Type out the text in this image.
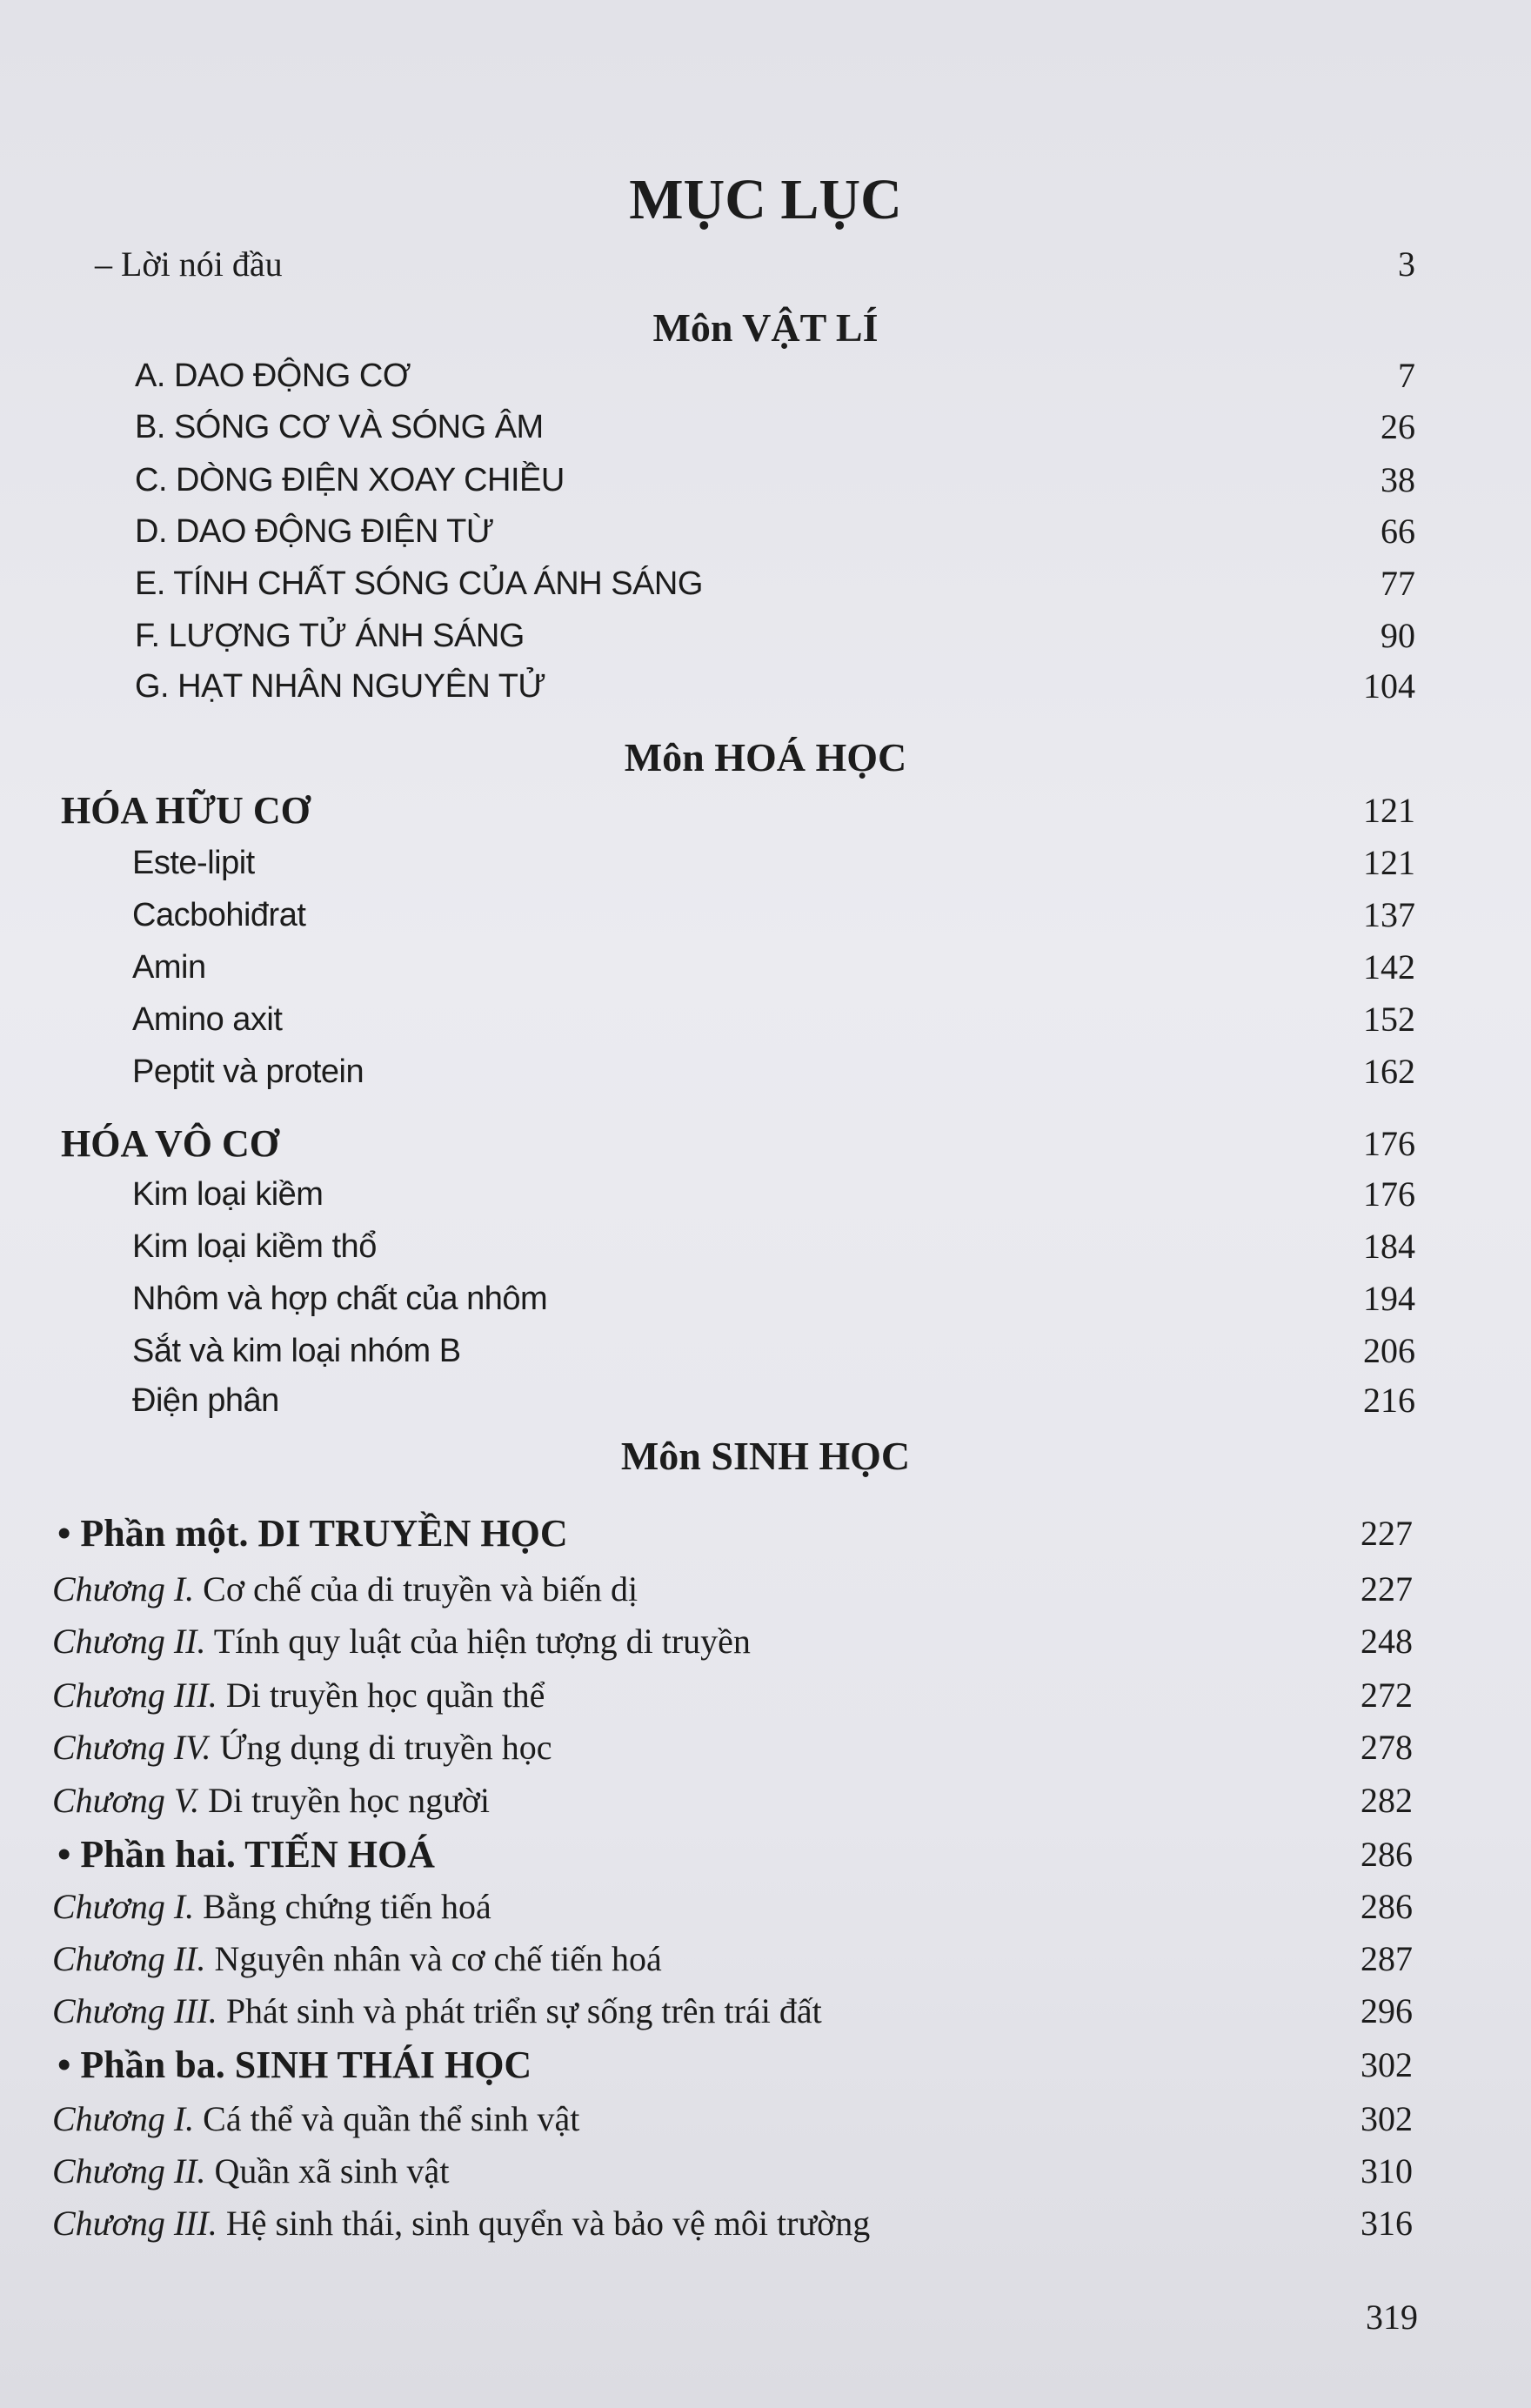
MỤC LỤC
– Lời nói đầu	3
Môn VẬT LÍ
Môn HOÁ HỌC
Môn SINH HỌC
A. DAO ĐỘNG CƠ	7
B. SÓNG CƠ VÀ SÓNG ÂM	26
C. DÒNG ĐIỆN XOAY CHIỀU	38
D. DAO ĐỘNG ĐIỆN TỪ	66
E. TÍNH CHẤT SÓNG CỦA ÁNH SÁNG	77
F. LƯỢNG TỬ ÁNH SÁNG	90
G. HẠT NHÂN NGUYÊN TỬ	104
HÓA HỮU CƠ	121
Este-lipit	121
Cacbohiđrat	137
Amin	142
Amino axit	152
Peptit và protein	162
HÓA VÔ CƠ	176
Kim loại kiềm	176
Kim loại kiềm thổ	184
Nhôm và hợp chất của nhôm	194
Sắt và kim loại nhóm B	206
Điện phân	216
• Phần một. DI TRUYỀN HỌC	227
Chương I. Cơ chế của di truyền và biến dị	227
Chương II. Tính quy luật của hiện tượng di truyền	248
Chương III. Di truyền học quần thể	272
Chương IV. Ứng dụng di truyền học	278
Chương V. Di truyền học người	282
• Phần hai. TIẾN HOÁ	286
Chương I. Bằng chứng tiến hoá	286
Chương II. Nguyên nhân và cơ chế tiến hoá	287
Chương III. Phát sinh và phát triển sự sống trên trái đất	296
• Phần ba. SINH THÁI HỌC	302
Chương I. Cá thể và quần thể sinh vật	302
Chương II. Quần xã sinh vật	310
Chương III. Hệ sinh thái, sinh quyển và bảo vệ môi trường	316
319
